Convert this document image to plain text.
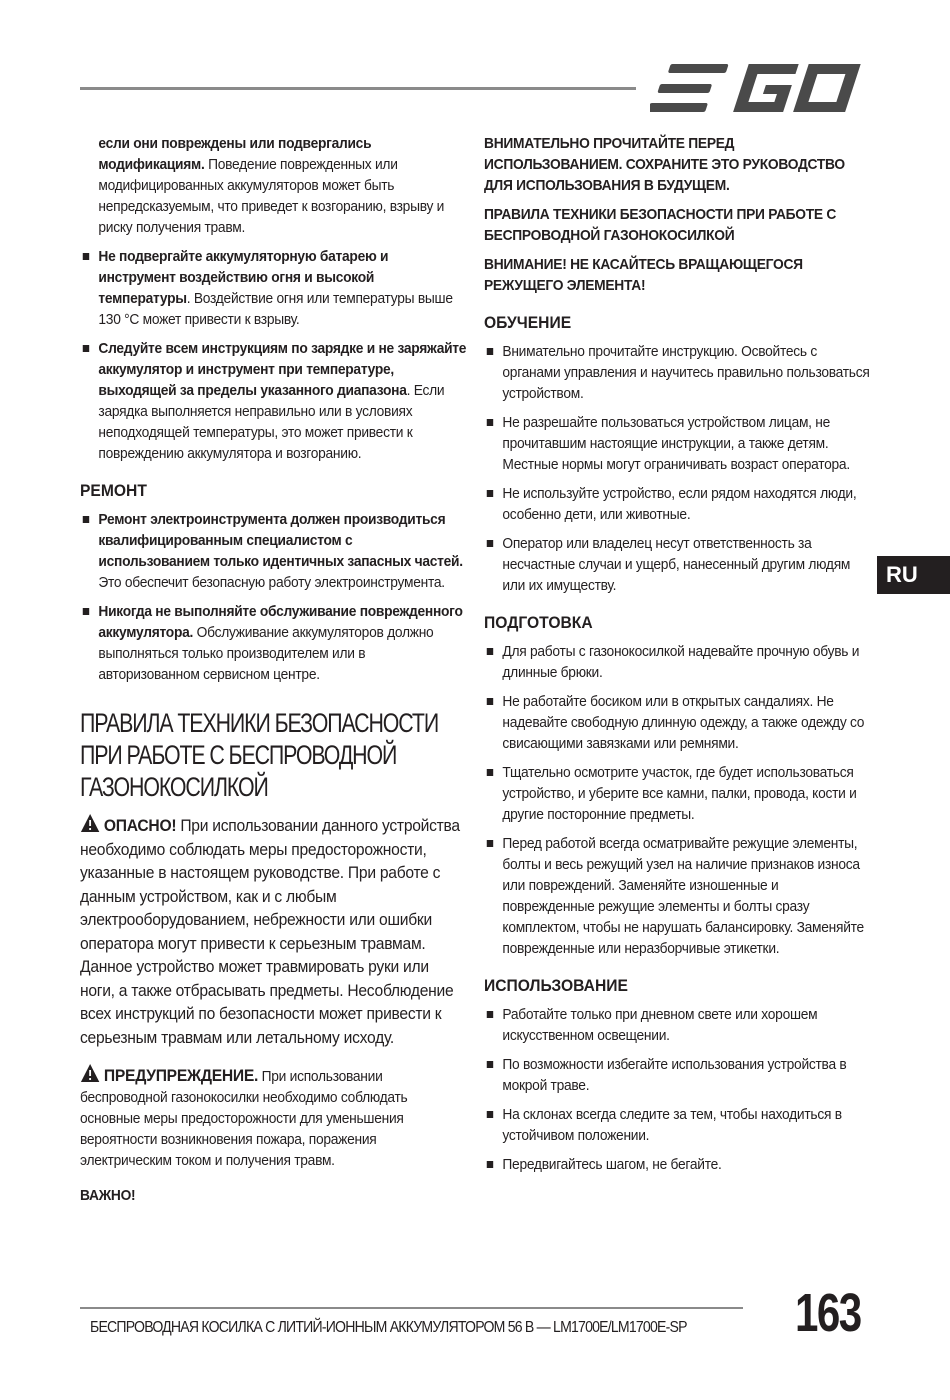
если они повреждены или подвергались модификациям. Поведение поврежденных или модифицированных аккумуляторов может быть непредсказуемым, что приведет к возгоранию, взрыву и риску получения травм.

Не подвергайте аккумуляторную батарею и инструмент воздействию огня и высокой температуры. Воздействие огня или температуры выше 130 °C может привести к взрыву.
Следуйте всем инструкциям по зарядке и не заряжайте аккумулятор и инструмент при температуре, выходящей за пределы указанного диапазона. Если зарядка выполняется неправильно или в условиях неподходящей температуры, это может привести к повреждению аккумулятора и возгоранию.
РЕМОНТ
Ремонт электроинструмента должен производиться квалифицированным специалистом с использованием только идентичных запасных частей. Это обеспечит безопасную работу электроинструмента.
Никогда не выполняйте обслуживание поврежденного аккумулятора. Обслуживание аккумуляторов должно выполняться только производителем или в авторизованном сервисном центре.
ПРАВИЛА ТЕХНИКИ БЕЗОПАСНОСТИ
ПРИ РАБОТЕ С БЕСПРОВОДНОЙ
ГАЗОНОКОСИЛКОЙ

ОПАСНО! При использовании данного устройства необходимо соблюдать меры предосторожности, указанные в настоящем руководстве. При работе с данным устройством, как и с любым электрооборудованием, небрежности или ошибки оператора могут привести к серьезным травмам. Данное устройство может травмировать руки или ноги, а также отбрасывать предметы. Несоблюдение всех инструкций по безопасности может привести к серьезным травмам или летальному исходу.

ПРЕДУПРЕЖДЕНИЕ. При использовании беспроводной газонокосилки необходимо соблюдать основные меры предосторожности для уменьшения вероятности возникновения пожара, поражения электрическим током и получения травм.

ВАЖНО!

ВНИМАТЕЛЬНО ПРОЧИТАЙТЕ ПЕРЕД ИСПОЛЬЗОВАНИЕМ. СОХРАНИТЕ ЭТО РУКОВОДСТВО ДЛЯ ИСПОЛЬЗОВАНИЯ В БУДУЩЕМ.

ПРАВИЛА ТЕХНИКИ БЕЗОПАСНОСТИ ПРИ РАБОТЕ С БЕСПРОВОДНОЙ ГАЗОНОКОСИЛКОЙ

ВНИМАНИЕ! НЕ КАСАЙТЕСЬ ВРАЩАЮЩЕГОСЯ РЕЖУЩЕГО ЭЛЕМЕНТА!

ОБУЧЕНИЕ
Внимательно прочитайте инструкцию. Освойтесь с органами управления и научитесь правильно пользоваться устройством.
Не разрешайте пользоваться устройством лицам, не прочитавшим настоящие инструкции, а также детям. Местные нормы могут ограничивать возраст оператора.
Не используйте устройство, если рядом находятся люди, особенно дети, или животные.
Оператор или владелец несут ответственность за несчастные случаи и ущерб, нанесенный другим людям или их имуществу.
ПОДГОТОВКА
Для работы с газонокосилкой надевайте прочную обувь и длинные брюки.
Не работайте босиком или в открытых сандалиях. Не надевайте свободную длинную одежду, а также одежду со свисающими завязками или ремнями.
Тщательно осмотрите участок, где будет использоваться устройство, и уберите все камни, палки, провода, кости и другие посторонние предметы.
Перед работой всегда осматривайте режущие элементы, болты и весь режущий узел на наличие признаков износа или повреждений. Заменяйте изношенные и поврежденные режущие элементы и болты сразу комплектом, чтобы не нарушать балансировку. Заменяйте поврежденные или неразборчивые этикетки.
ИСПОЛЬЗОВАНИЕ
Работайте только при дневном свете или хорошем искусственном освещении.
По возможности избегайте использования устройства в мокрой траве.
На склонах всегда следите за тем, чтобы находиться в устойчивом положении.
Передвигайтесь шагом, не бегайте.
RU
БЕСПРОВОДНАЯ КОСИЛКА С ЛИТИЙ-ИОННЫМ АККУМУЛЯТОРОМ 56 В — LM1700E/LM1700E-SP 163
